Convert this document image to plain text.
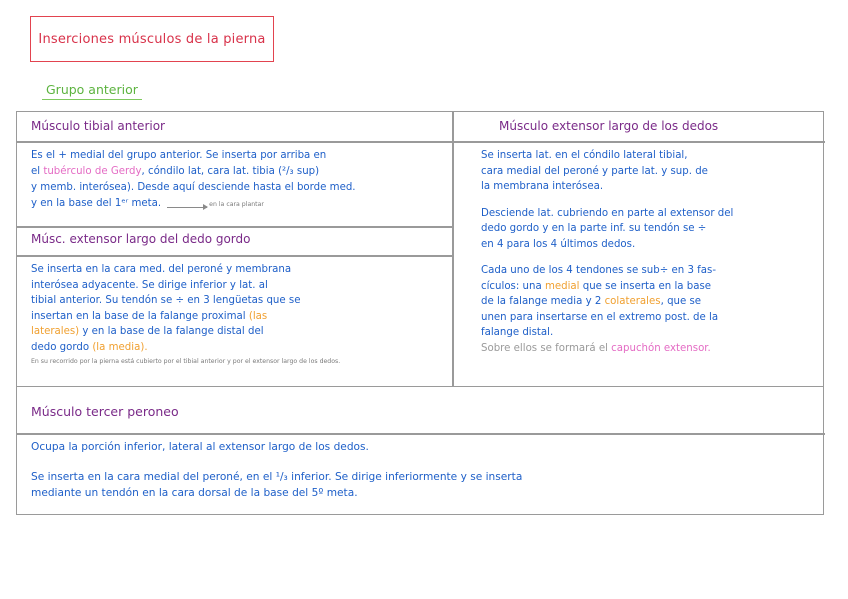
Inserciones músculos de la pierna
Grupo anterior
Músculo tibial anterior
Es el + medial del grupo anterior. Se inserta por arriba en
el tubérculo de Gerdy, cóndilo lat, cara lat. tibia (²/₃ sup)
y memb. interósea). Desde aquí desciende hasta el borde med.
y en la base del 1ᵉʳ meta.	en la cara plantar
Músc. extensor largo del dedo gordo
Se inserta en la cara med. del peroné y membrana
interósea adyacente. Se dirige inferior y lat. al
tibial anterior. Su tendón se ÷ en 3 lengüetas que se
insertan en la base de la falange proximal (las
laterales) y en la base de la falange distal del
dedo gordo (la media).
En su recorrido por la pierna está cubierto por el tibial anterior y por el extensor largo de los dedos.
Músculo extensor largo de los dedos
Se inserta lat. en el cóndilo lateral tibial,
cara medial del peroné y parte lat. y sup. de
la membrana interósea.
Desciende lat. cubriendo en parte al extensor del
dedo gordo y en la parte inf. su tendón se ÷
en 4 para los 4 últimos dedos.
Cada uno de los 4 tendones se sub÷ en 3 fas-
cículos: una medial que se inserta en la base
de la falange media y 2 colaterales, que se
unen para insertarse en el extremo post. de la
falange distal.
Sobre ellos se formará el capuchón extensor.
Músculo tercer peroneo
Ocupa la porción inferior, lateral al extensor largo de los dedos.
Se inserta en la cara medial del peroné, en el ¹/₃ inferior. Se dirige inferiormente y se inserta
mediante un tendón en la cara dorsal de la base del 5º meta.
